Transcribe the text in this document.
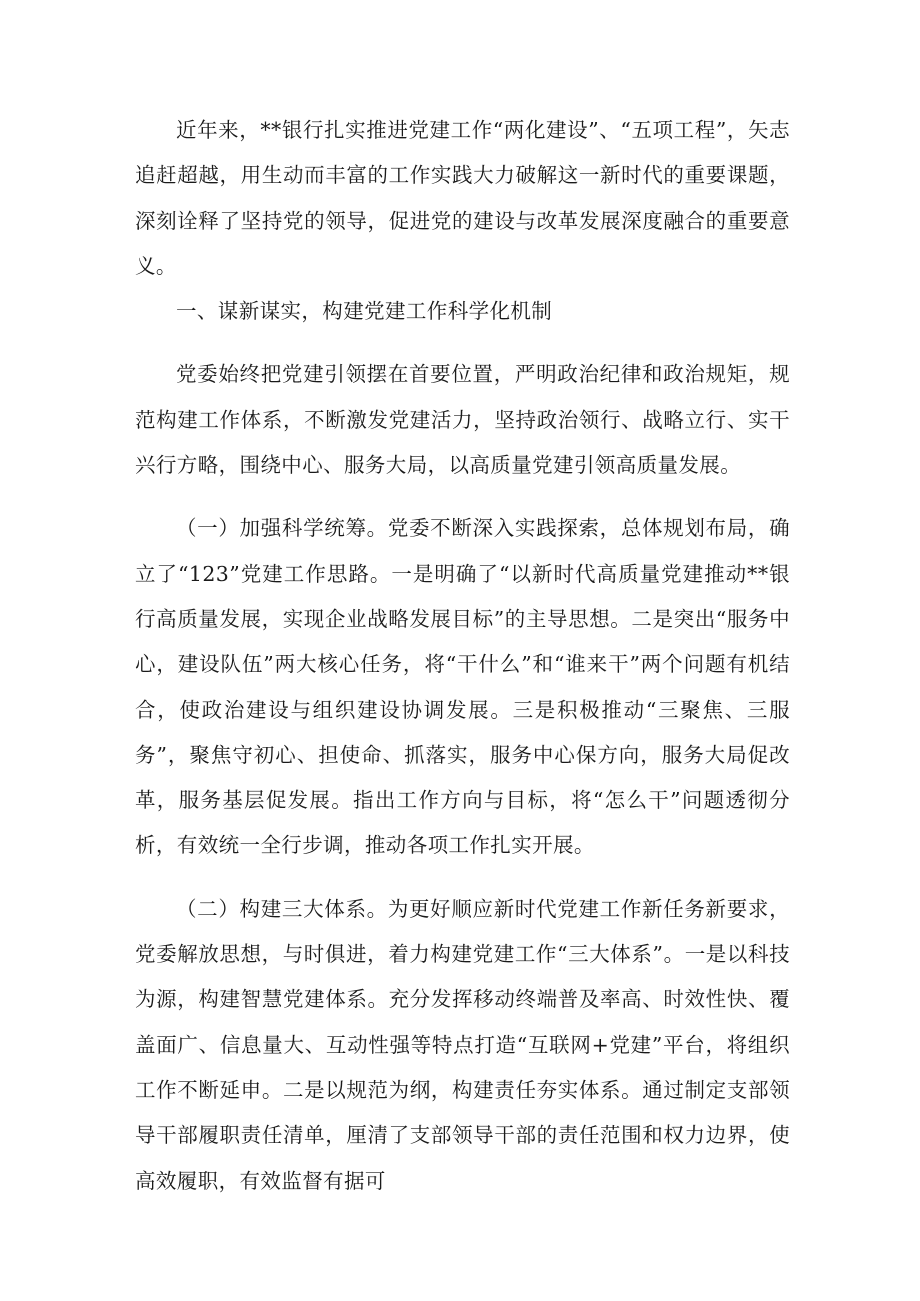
近年来，**银行扎实推进党建工作“两化建设”、“五项工程”，矢志追赶超越，用生动而丰富的工作实践大力破解这一新时代的重要课题，深刻诠释了坚持党的领导，促进党的建设与改革发展深度融合的重要意义。

一、谋新谋实，构建党建工作科学化机制

党委始终把党建引领摆在首要位置，严明政治纪律和政治规矩，规范构建工作体系，不断激发党建活力，坚持政治领行、战略立行、实干兴行方略，围绕中心、服务大局，以高质量党建引领高质量发展。

（一）加强科学统筹。党委不断深入实践探索，总体规划布局，确立了“123”党建工作思路。一是明确了“以新时代高质量党建推动**银行高质量发展，实现企业战略发展目标”的主导思想。二是突出“服务中心，建设队伍”两大核心任务，将“干什么”和“谁来干”两个问题有机结合，使政治建设与组织建设协调发展。三是积极推动“三聚焦、三服务”，聚焦守初心、担使命、抓落实，服务中心保方向，服务大局促改革，服务基层促发展。指出工作方向与目标，将“怎么干”问题透彻分析，有效统一全行步调，推动各项工作扎实开展。

（二）构建三大体系。为更好顺应新时代党建工作新任务新要求，党委解放思想，与时俱进，着力构建党建工作“三大体系”。一是以科技为源，构建智慧党建体系。充分发挥移动终端普及率高、时效性快、覆盖面广、信息量大、互动性强等特点打造“互联网+党建”平台，将组织工作不断延申。二是以规范为纲，构建责任夯实体系。通过制定支部领导干部履职责任清单，厘清了支部领导干部的责任范围和权力边界，使高效履职，有效监督有据可
